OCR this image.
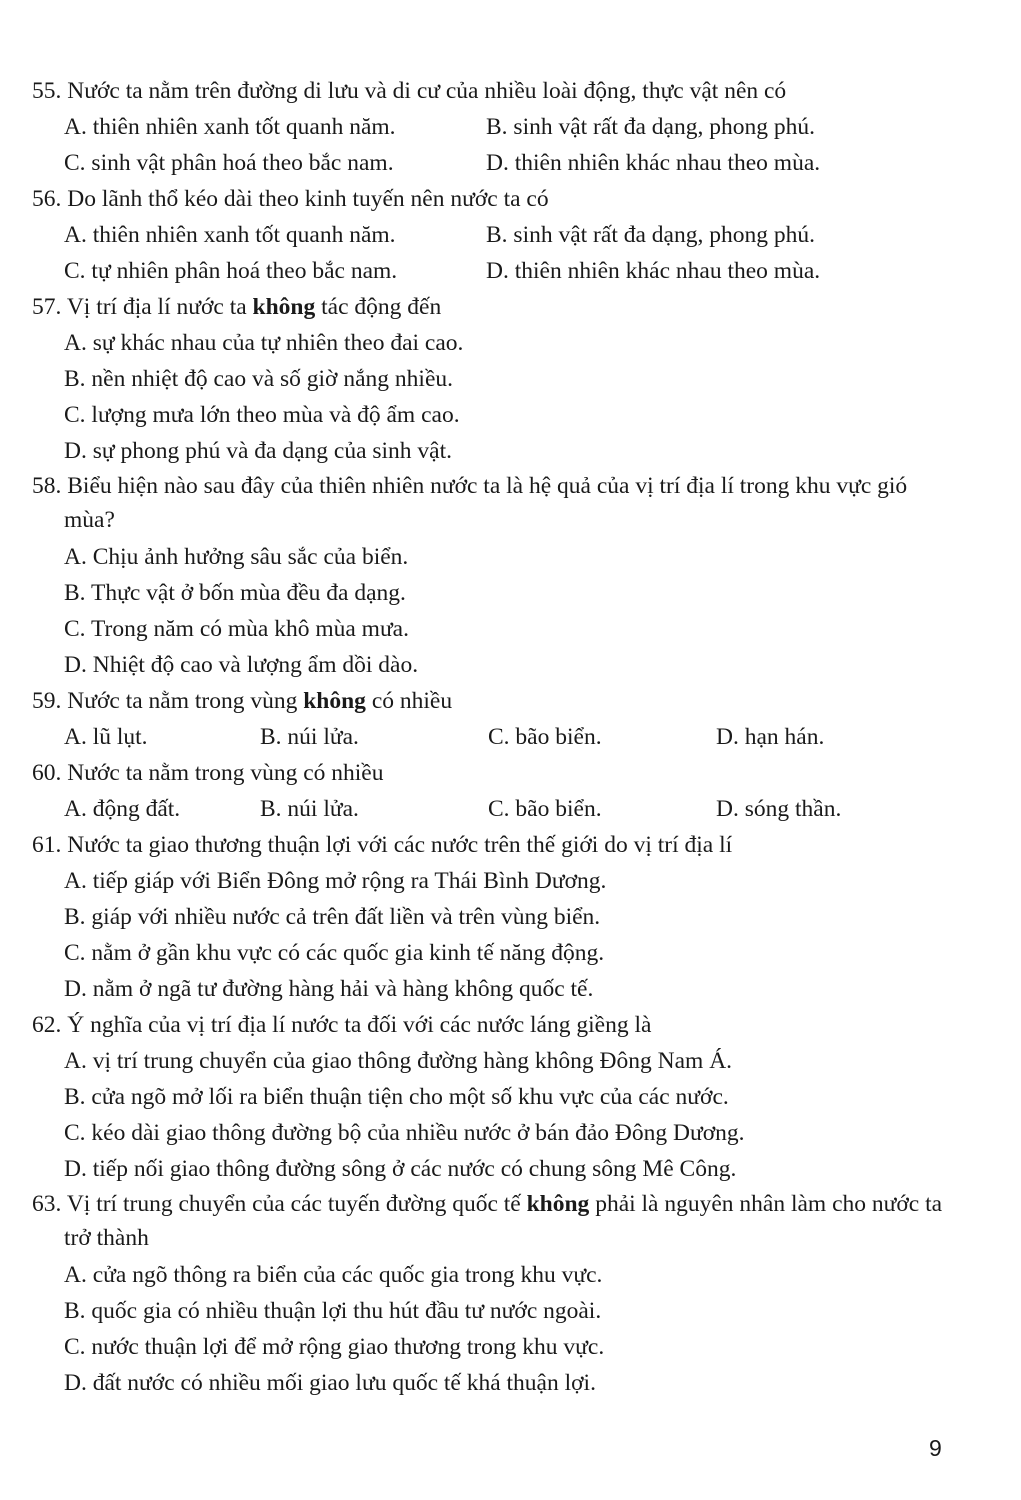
55. Nước ta nằm trên đường di lưu và di cư của nhiều loài động, thực vật nên có
A. thiên nhiên xanh tốt quanh năm.	B. sinh vật rất đa dạng, phong phú.
C. sinh vật phân hoá theo bắc nam.	D. thiên nhiên khác nhau theo mùa.
56. Do lãnh thổ kéo dài theo kinh tuyến nên nước ta có
A. thiên nhiên xanh tốt quanh năm.	B. sinh vật rất đa dạng, phong phú.
C. tự nhiên phân hoá theo bắc nam.	D. thiên nhiên khác nhau theo mùa.
57. Vị trí địa lí nước ta không tác động đến
A. sự khác nhau của tự nhiên theo đai cao.
B. nền nhiệt độ cao và số giờ nắng nhiều.
C. lượng mưa lớn theo mùa và độ ẩm cao.
D. sự phong phú và đa dạng của sinh vật.
58. Biểu hiện nào sau đây của thiên nhiên nước ta là hệ quả của vị trí địa lí trong khu vực gió mùa?
A. Chịu ảnh hưởng sâu sắc của biển.
B. Thực vật ở bốn mùa đều đa dạng.
C. Trong năm có mùa khô mùa mưa.
D. Nhiệt độ cao và lượng ẩm dồi dào.
59. Nước ta nằm trong vùng không có nhiều
A. lũ lụt.	B. núi lửa.	C. bão biển.	D. hạn hán.
60. Nước ta nằm trong vùng có nhiều
A. động đất.	B. núi lửa.	C. bão biển.	D. sóng thần.
61. Nước ta giao thương thuận lợi với các nước trên thế giới do vị trí địa lí
A. tiếp giáp với Biển Đông mở rộng ra Thái Bình Dương.
B. giáp với nhiều nước cả trên đất liền và trên vùng biển.
C. nằm ở gần khu vực có các quốc gia kinh tế năng động.
D. nằm ở ngã tư đường hàng hải và hàng không quốc tế.
62. Ý nghĩa của vị trí địa lí nước ta đối với các nước láng giềng là
A. vị trí trung chuyển của giao thông đường hàng không Đông Nam Á.
B. cửa ngõ mở lối ra biển thuận tiện cho một số khu vực của các nước.
C. kéo dài giao thông đường bộ của nhiều nước ở bán đảo Đông Dương.
D. tiếp nối giao thông đường sông ở các nước có chung sông Mê Công.
63. Vị trí trung chuyển của các tuyến đường quốc tế không phải là nguyên nhân làm cho nước ta trở thành
A. cửa ngõ thông ra biển của các quốc gia trong khu vực.
B. quốc gia có nhiều thuận lợi thu hút đầu tư nước ngoài.
C. nước thuận lợi để mở rộng giao thương trong khu vực.
D. đất nước có nhiều mối giao lưu quốc tế khá thuận lợi.
9
